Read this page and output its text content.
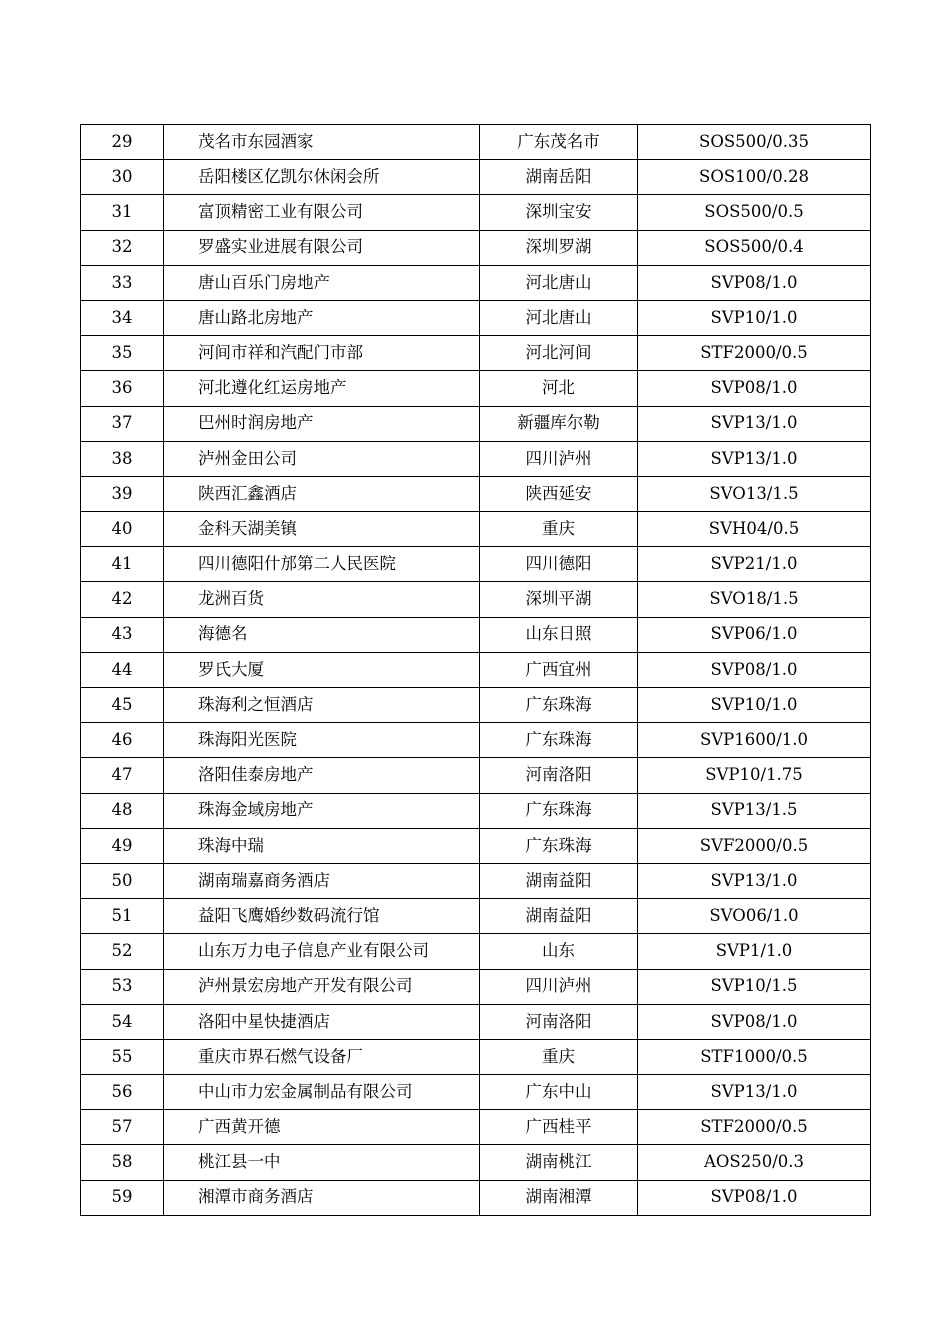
29	茂名市东园酒家	广东茂名市	SOS500/0.35
30	岳阳楼区亿凯尔休闲会所	湖南岳阳	SOS100/0.28
31	富顶精密工业有限公司	深圳宝安	SOS500/0.5
32	罗盛实业进展有限公司	深圳罗湖	SOS500/0.4
33	唐山百乐门房地产	河北唐山	SVP08/1.0
34	唐山路北房地产	河北唐山	SVP10/1.0
35	河间市祥和汽配门市部	河北河间	STF2000/0.5
36	河北遵化红运房地产	河北	SVP08/1.0
37	巴州时润房地产	新疆库尔勒	SVP13/1.0
38	泸州金田公司	四川泸州	SVP13/1.0
39	陕西汇鑫酒店	陕西延安	SVO13/1.5
40	金科天湖美镇	重庆	SVH04/0.5
41	四川德阳什邡第二人民医院	四川德阳	SVP21/1.0
42	龙洲百货	深圳平湖	SVO18/1.5
43	海德名	山东日照	SVP06/1.0
44	罗氏大厦	广西宜州	SVP08/1.0
45	珠海利之恒酒店	广东珠海	SVP10/1.0
46	珠海阳光医院	广东珠海	SVP1600/1.0
47	洛阳佳泰房地产	河南洛阳	SVP10/1.75
48	珠海金域房地产	广东珠海	SVP13/1.5
49	珠海中瑞	广东珠海	SVF2000/0.5
50	湖南瑞嘉商务酒店	湖南益阳	SVP13/1.0
51	益阳飞鹰婚纱数码流行馆	湖南益阳	SVO06/1.0
52	山东万力电子信息产业有限公司	山东	SVP1/1.0
53	泸州景宏房地产开发有限公司	四川泸州	SVP10/1.5
54	洛阳中星快捷酒店	河南洛阳	SVP08/1.0
55	重庆市界石燃气设备厂	重庆	STF1000/0.5
56	中山市力宏金属制品有限公司	广东中山	SVP13/1.0
57	广西黄开德	广西桂平	STF2000/0.5
58	桃江县一中	湖南桃江	AOS250/0.3
59	湘潭市商务酒店	湖南湘潭	SVP08/1.0
